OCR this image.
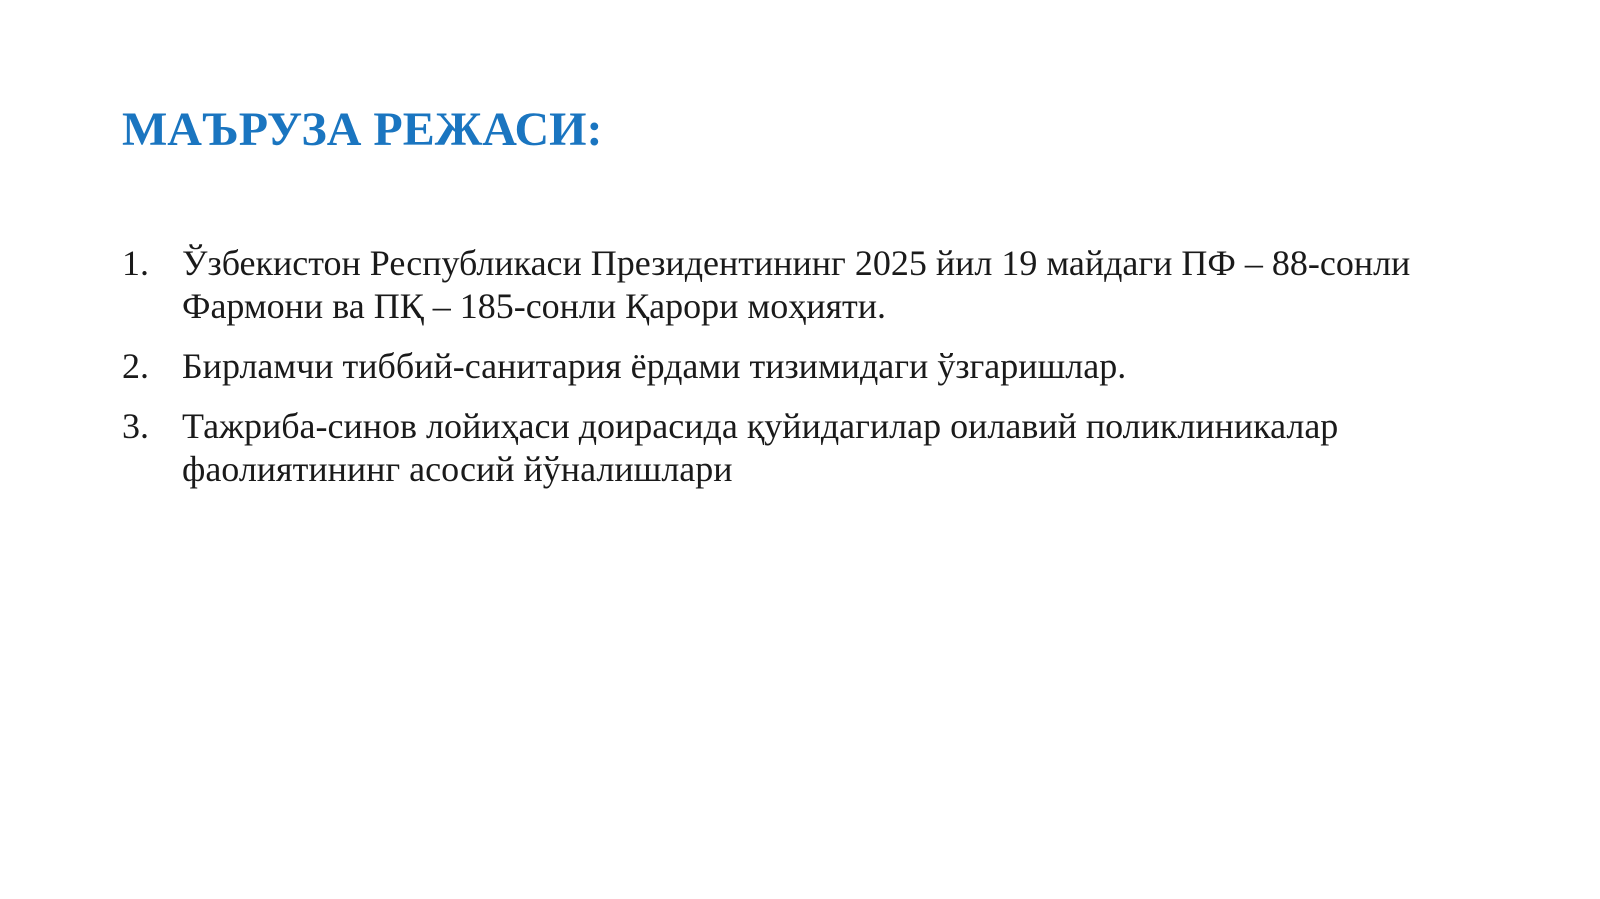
МАЪРУЗА РЕЖАСИ:
1. Ўзбекистон Республикаси Президентининг 2025 йил 19 майдаги ПФ – 88-сонли Фармони ва ПҚ – 185-сонли Қарори моҳияти.
2. Бирламчи тиббий-санитария ёрдами тизимидаги ўзгаришлар.
3. Тажриба-синов лойиҳаси доирасида қуйидагилар оилавий поликлиникалар фаолиятининг асосий йўналишлари
